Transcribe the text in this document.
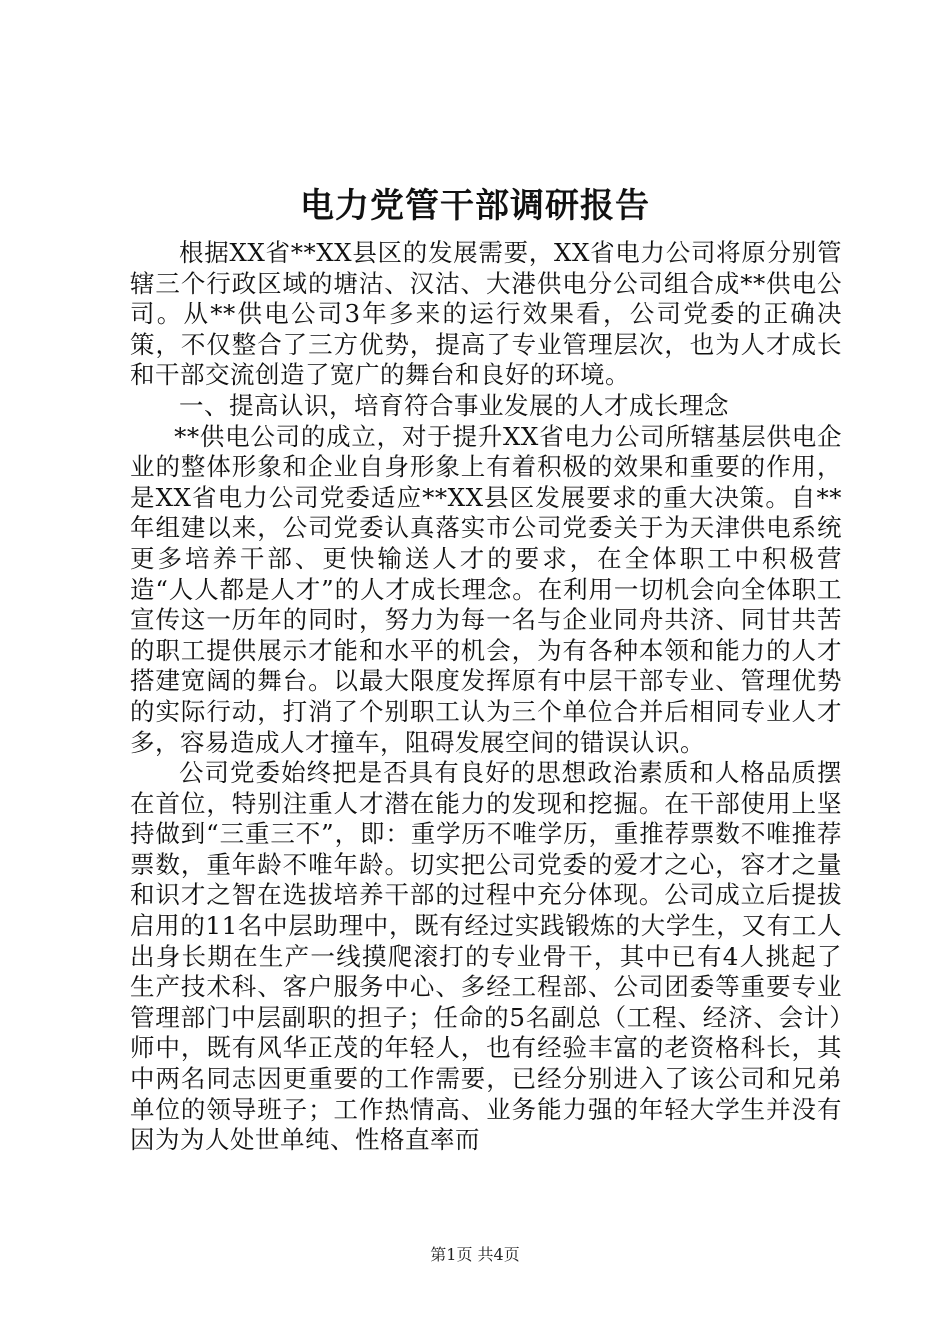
电力党管干部调研报告

根据XX省**XX县区的发展需要，XX省电力公司将原分别管辖三个行政区域的塘沽、汉沽、大港供电分公司组合成**供电公司。从**供电公司3年多来的运行效果看，公司党委的正确决策，不仅整合了三方优势，提高了专业管理层次，也为人才成长和干部交流创造了宽广的舞台和良好的环境。

一、提高认识，培育符合事业发展的人才成长理念

**供电公司的成立，对于提升XX省电力公司所辖基层供电企业的整体形象和企业自身形象上有着积极的效果和重要的作用，是XX省电力公司党委适应**XX县区发展要求的重大决策。自**年组建以来，公司党委认真落实市公司党委关于为天津供电系统更多培养干部、更快输送人才的要求，在全体职工中积极营造“人人都是人才”的人才成长理念。在利用一切机会向全体职工宣传这一历年的同时，努力为每一名与企业同舟共济、同甘共苦的职工提供展示才能和水平的机会，为有各种本领和能力的人才搭建宽阔的舞台。以最大限度发挥原有中层干部专业、管理优势的实际行动，打消了个别职工认为三个单位合并后相同专业人才多，容易造成人才撞车，阻碍发展空间的错误认识。

公司党委始终把是否具有良好的思想政治素质和人格品质摆在首位，特别注重人才潜在能力的发现和挖掘。在干部使用上坚持做到“三重三不”，即：重学历不唯学历，重推荐票数不唯推荐票数，重年龄不唯年龄。切实把公司党委的爱才之心，容才之量和识才之智在选拔培养干部的过程中充分体现。公司成立后提拔启用的11名中层助理中，既有经过实践锻炼的大学生，又有工人出身长期在生产一线摸爬滚打的专业骨干，其中已有4人挑起了生产技术科、客户服务中心、多经工程部、公司团委等重要专业管理部门中层副职的担子；任命的5名副总（工程、经济、会计）师中，既有风华正茂的年轻人，也有经验丰富的老资格科长，其中两名同志因更重要的工作需要，已经分别进入了该公司和兄弟单位的领导班子；工作热情高、业务能力强的年轻大学生并没有因为为人处世单纯、性格直率而

第1页 共4页
